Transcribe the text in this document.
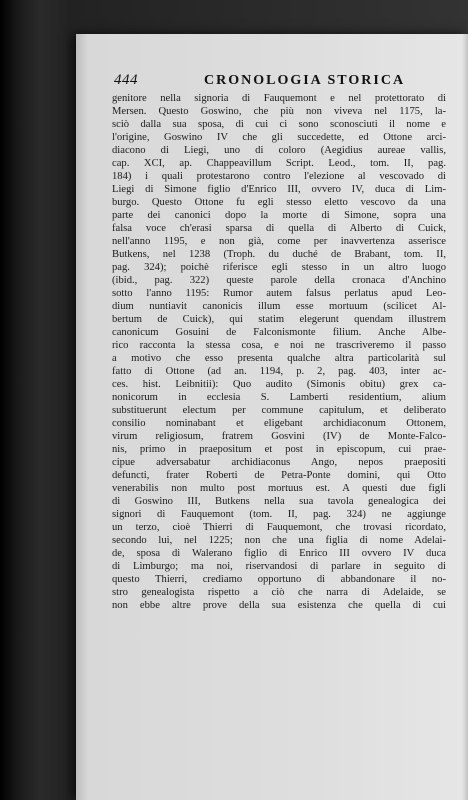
444	CRONOLOGIA STORICA
genitore nella signoria di Fauquemont e nel protettorato di
Mersen. Questo Goswino, che più non viveva nel 1175, la-
sciò dalla sua sposa, di cui ci sono sconosciuti il nome e
l'origine, Goswino IV che gli succedette, ed Ottone arci-
diacono di Liegi, uno di coloro (Aegidius aureae vallis,
cap. XCI, ap. Chappeavillum Script. Leod., tom. II, pag.
184) i quali protestarono contro l'elezione al vescovado di
Liegi di Simone figlio d'Enrico III, ovvero IV, duca di Lim-
burgo. Questo Ottone fu egli stesso eletto vescovo da una
parte dei canonici dopo la morte di Simone, sopra una
falsa voce ch'erasi sparsa di quella di Alberto di Cuick,
nell'anno 1195, e non già, come per inavvertenza asserisce
Butkens, nel 1238 (Troph. du duché de Brabant, tom. II,
pag. 324); poichè riferisce egli stesso in un altro luogo
(ibid., pag. 322) queste parole della cronaca d'Anchino
sotto l'anno 1195: Rumor autem falsus perlatus apud Leo-
dium nuntiavit canonicis illum esse mortuum (scilicet Al-
bertum de Cuick), qui statim elegerunt quendam illustrem
canonicum Gosuini de Falconismonte filium. Anche Albe-
rico racconta la stessa cosa, e noi ne trascriveremo il passo
a motivo che esso presenta qualche altra particolarità sul
fatto di Ottone (ad an. 1194, p. 2, pag. 403, inter ac-
ces. hist. Leibnitii): Quo audito (Simonis obitu) grex ca-
nonicorum in ecclesia S. Lamberti residentium, alium
substituerunt electum per commune capitulum, et deliberato
consilio nominabant et eligebant archidiaconum Ottonem,
virum religiosum, fratrem Gosvini (IV) de Monte-Falco-
nis, primo in praepositum et post in episcopum, cui prae-
cipue adversabatur archidiaconus Ango, nepos praepositi
defuncti, frater Roberti de Petra-Ponte domini, qui Otto
venerabilis non multo post mortuus est. A questi due figli
di Goswino III, Butkens nella sua tavola genealogica dei
signori di Fauquemont (tom. II, pag. 324) ne aggiunge
un terzo, cioè Thierri di Fauquemont, che trovasi ricordato,
secondo lui, nel 1225; non che una figlia di nome Adelai-
de, sposa di Walerano figlio di Enrico III ovvero IV duca
di Limburgo; ma noi, riservandosi di parlare in seguito di
questo Thierri, crediamo opportuno di abbandonare il no-
stro genealogista rispetto a ciò che narra di Adelaide, se
non ebbe altre prove della sua esistenza che quella di cui
